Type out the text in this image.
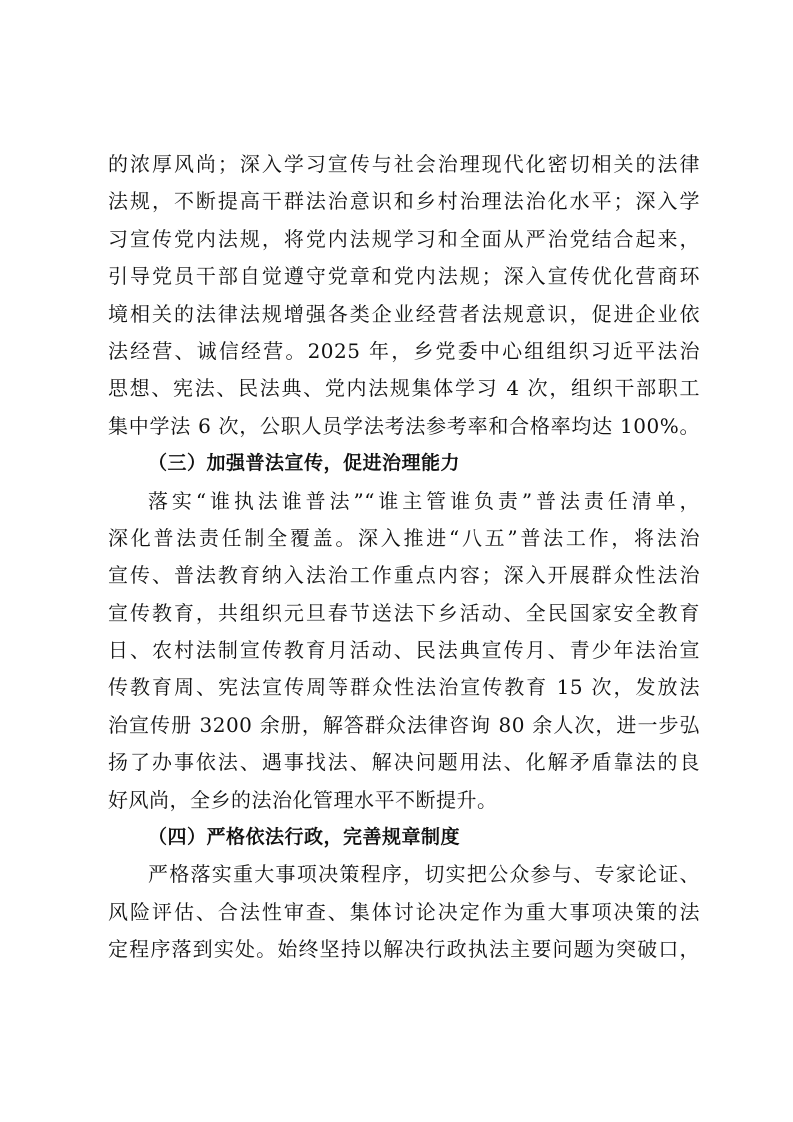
的浓厚风尚；深入学习宣传与社会治理现代化密切相关的法律
法规，不断提高干群法治意识和乡村治理法治化水平；深入学
习宣传党内法规，将党内法规学习和全面从严治党结合起来，
引导党员干部自觉遵守党章和党内法规；深入宣传优化营商环
境相关的法律法规增强各类企业经营者法规意识，促进企业依
法经营、诚信经营。2025 年，乡党委中心组组织习近平法治
思想、宪法、民法典、党内法规集体学习 4 次，组织干部职工
集中学法 6 次，公职人员学法考法参考率和合格率均达 100%。
（三）加强普法宣传，促进治理能力
落实“谁执法谁普法”“谁主管谁负责”普法责任清单，
深化普法责任制全覆盖。深入推进“八五”普法工作，将法治
宣传、普法教育纳入法治工作重点内容；深入开展群众性法治
宣传教育，共组织元旦春节送法下乡活动、全民国家安全教育
日、农村法制宣传教育月活动、民法典宣传月、青少年法治宣
传教育周、宪法宣传周等群众性法治宣传教育 15 次，发放法
治宣传册 3200 余册，解答群众法律咨询 80 余人次，进一步弘
扬了办事依法、遇事找法、解决问题用法、化解矛盾靠法的良
好风尚，全乡的法治化管理水平不断提升。
（四）严格依法行政，完善规章制度
严格落实重大事项决策程序，切实把公众参与、专家论证、
风险评估、合法性审查、集体讨论决定作为重大事项决策的法
定程序落到实处。始终坚持以解决行政执法主要问题为突破口，
